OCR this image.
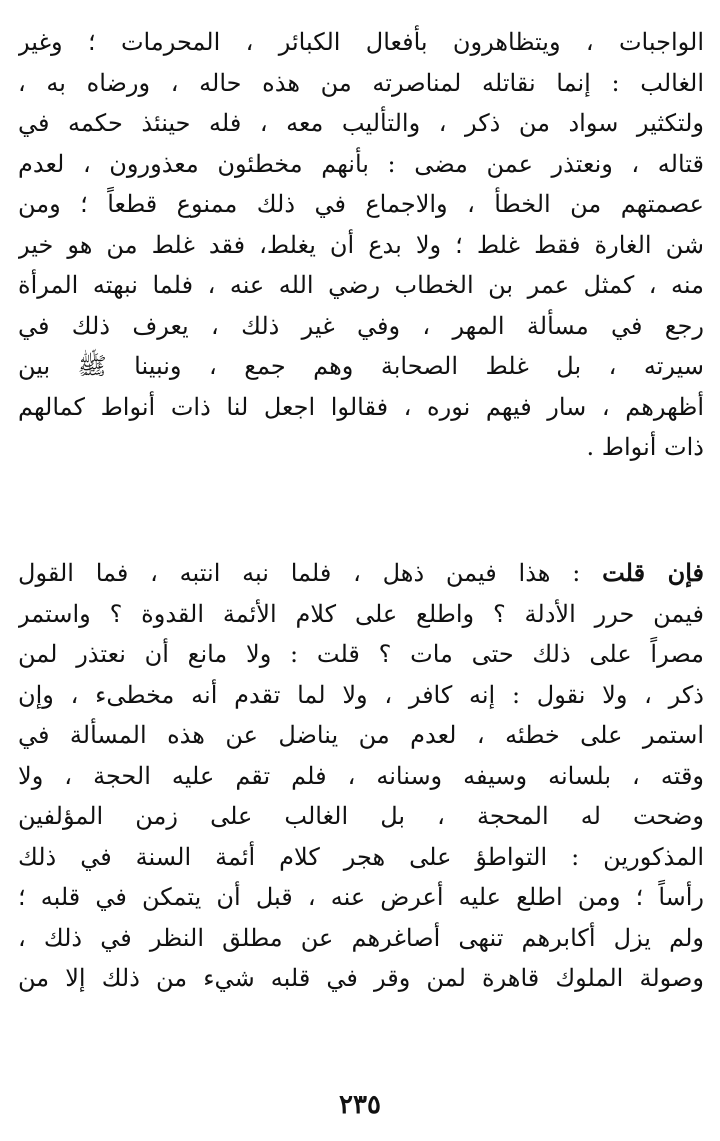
الواجبات ، ويتظاهرون بأفعال الكبائر ، المحرمات ؛ وغير
الغالب : إنما نقاتله لمناصرته من هذه حاله ، ورضاه به ،
ولتكثير سواد من ذكر ، والتأليب معه ، فله حينئذ حكمه في
قتاله ، ونعتذر عمن مضى : بأنهم مخطئون معذورون ، لعدم
عصمتهم من الخطأ ، والاجماع في ذلك ممنوع قطعاً ؛ ومن
شن الغارة فقط غلط ؛ ولا بدع أن يغلط، فقد غلط من هو خير
منه ، كمثل عمر بن الخطاب رضي الله عنه ، فلما نبهته المرأة
رجع في مسألة المهر ، وفي غير ذلك ، يعرف ذلك في
سيرته ، بل غلط الصحابة وهم جمع ، ونبينا ﷺ بين
أظهرهم ، سار فيهم نوره ، فقالوا اجعل لنا ذات أنواط كمالهم
ذات أنواط .
فإن قلت : هذا فيمن ذهل ، فلما نبه انتبه ، فما القول
فيمن حرر الأدلة ؟ واطلع على كلام الأئمة القدوة ؟ واستمر
مصراً على ذلك حتى مات ؟ قلت : ولا مانع أن نعتذر لمن
ذكر ، ولا نقول : إنه كافر ، ولا لما تقدم أنه مخطىء ، وإن
استمر على خطئه ، لعدم من يناضل عن هذه المسألة في
وقته ، بلسانه وسيفه وسنانه ، فلم تقم عليه الحجة ، ولا
وضحت له المحجة ، بل الغالب على زمن المؤلفين
المذكورين : التواطؤ على هجر كلام أئمة السنة في ذلك
رأساً ؛ ومن اطلع عليه أعرض عنه ، قبل أن يتمكن في قلبه ؛
ولم يزل أكابرهم تنهى أصاغرهم عن مطلق النظر في ذلك ،
وصولة الملوك قاهرة لمن وقر في قلبه شيء من ذلك إلا من
٢٣٥
